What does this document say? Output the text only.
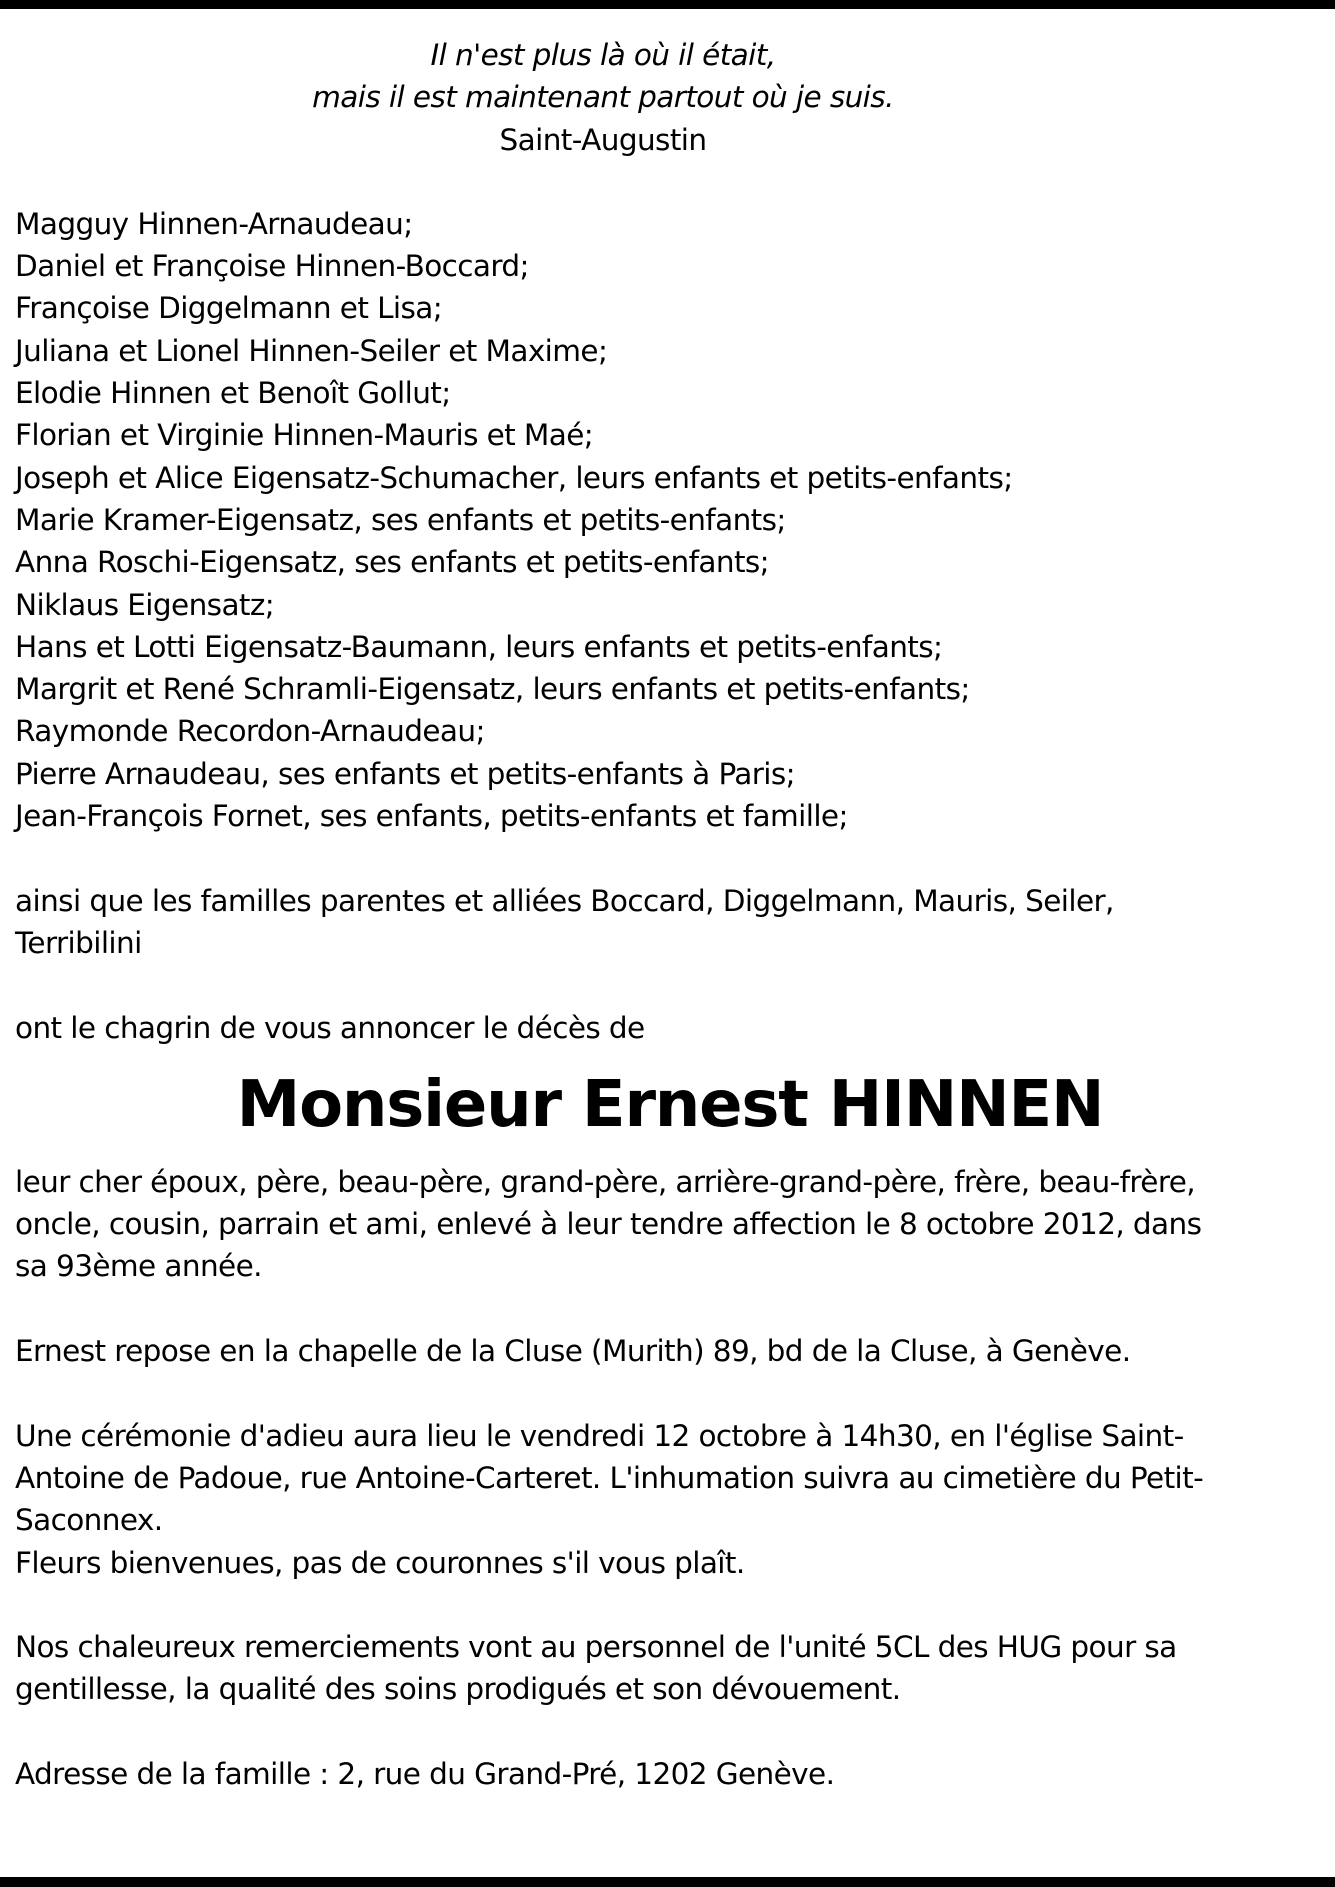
Il n'est plus là où il était,
mais il est maintenant partout où je suis.
Saint-Augustin
Magguy Hinnen-Arnaudeau;
Daniel et Françoise Hinnen-Boccard;
Françoise Diggelmann et Lisa;
Juliana et Lionel Hinnen-Seiler et Maxime;
Elodie Hinnen et Benoît Gollut;
Florian et Virginie Hinnen-Mauris et Maé;
Joseph et Alice Eigensatz-Schumacher, leurs enfants et petits-enfants;
Marie Kramer-Eigensatz, ses enfants et petits-enfants;
Anna Roschi-Eigensatz, ses enfants et petits-enfants;
Niklaus Eigensatz;
Hans et Lotti Eigensatz-Baumann, leurs enfants et petits-enfants;
Margrit et René Schramli-Eigensatz, leurs enfants et petits-enfants;
Raymonde Recordon-Arnaudeau;
Pierre Arnaudeau, ses enfants et petits-enfants à Paris;
Jean-François Fornet, ses enfants, petits-enfants et famille;
ainsi que les familles parentes et alliées Boccard, Diggelmann, Mauris, Seiler,
Terribilini
ont le chagrin de vous annoncer le décès de
Monsieur Ernest HINNEN
leur cher époux, père, beau-père, grand-père, arrière-grand-père, frère, beau-frère,
oncle, cousin, parrain et ami, enlevé à leur tendre affection le 8 octobre 2012, dans
sa 93ème année.
Ernest repose en la chapelle de la Cluse (Murith) 89, bd de la Cluse, à Genève.
Une cérémonie d'adieu aura lieu le vendredi 12 octobre à 14h30, en l'église Saint-
Antoine de Padoue, rue Antoine-Carteret. L'inhumation suivra au cimetière du Petit-
Saconnex.
Fleurs bienvenues, pas de couronnes s'il vous plaît.
Nos chaleureux remerciements vont au personnel de l'unité 5CL des HUG pour sa
gentillesse, la qualité des soins prodigués et son dévouement.
Adresse de la famille : 2, rue du Grand-Pré, 1202 Genève.
